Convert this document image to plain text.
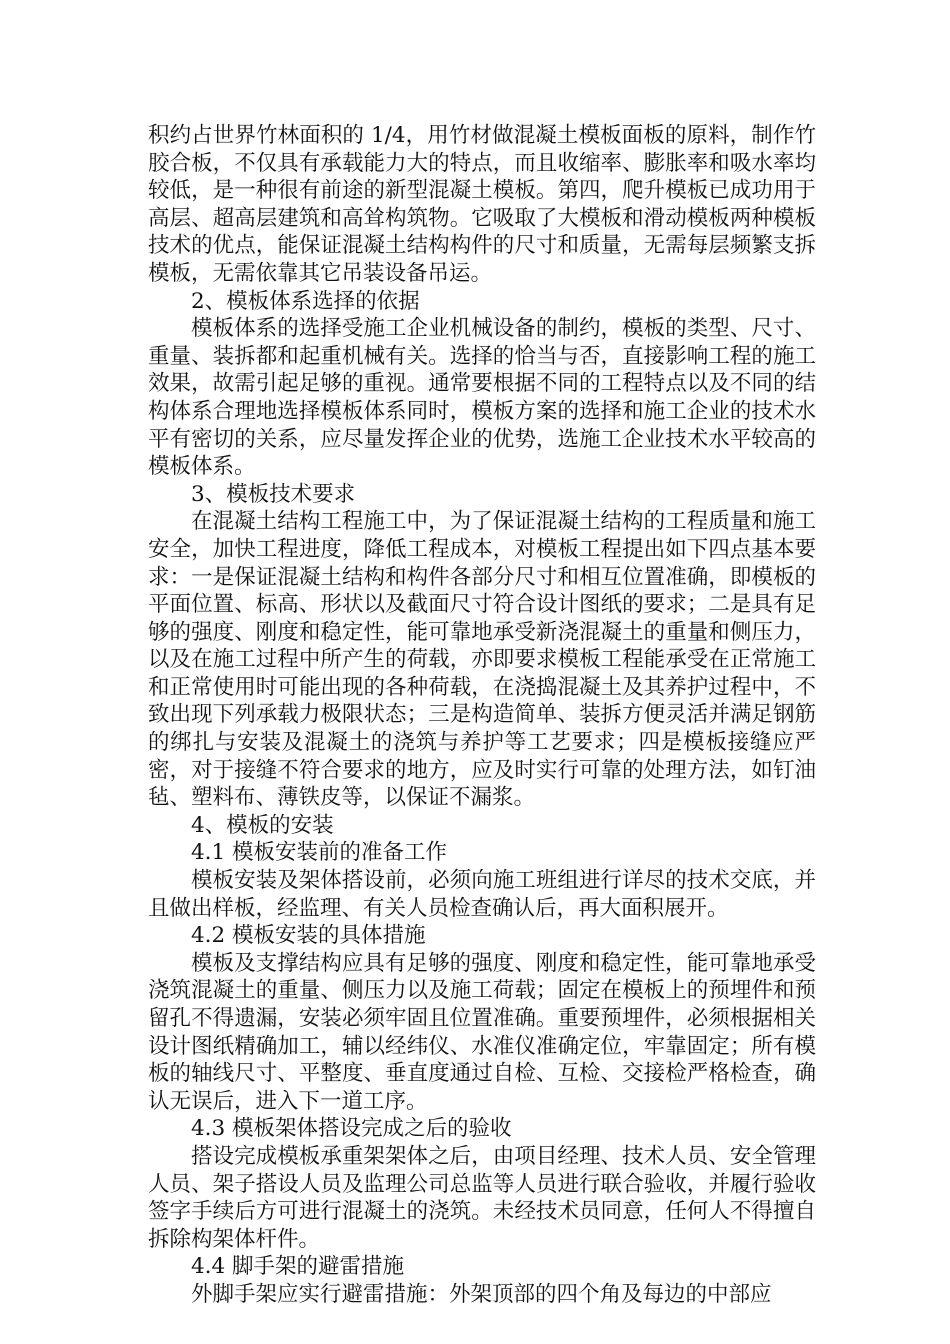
积约占世界竹林面积的 1/4，用竹材做混凝土模板面板的原料，制作竹胶合板，不仅具有承载能力大的特点，而且收缩率、膨胀率和吸水率均较低，是一种很有前途的新型混凝土模板。第四，爬升模板已成功用于高层、超高层建筑和高耸构筑物。它吸取了大模板和滑动模板两种模板技术的优点，能保证混凝土结构构件的尺寸和质量，无需每层频繁支拆模板，无需依靠其它吊装设备吊运。

2、模板体系选择的依据

模板体系的选择受施工企业机械设备的制约，模板的类型、尺寸、重量、装拆都和起重机械有关。选择的恰当与否，直接影响工程的施工效果，故需引起足够的重视。通常要根据不同的工程特点以及不同的结构体系合理地选择模板体系同时，模板方案的选择和施工企业的技术水平有密切的关系，应尽量发挥企业的优势，选施工企业技术水平较高的模板体系。

3、模板技术要求

在混凝土结构工程施工中，为了保证混凝土结构的工程质量和施工安全，加快工程进度，降低工程成本，对模板工程提出如下四点基本要求：一是保证混凝土结构和构件各部分尺寸和相互位置准确，即模板的平面位置、标高、形状以及截面尺寸符合设计图纸的要求；二是具有足够的强度、刚度和稳定性，能可靠地承受新浇混凝土的重量和侧压力，以及在施工过程中所产生的荷载，亦即要求模板工程能承受在正常施工和正常使用时可能出现的各种荷载，在浇捣混凝土及其养护过程中，不致出现下列承载力极限状态；三是构造简单、装拆方便灵活并满足钢筋的绑扎与安装及混凝土的浇筑与养护等工艺要求；四是模板接缝应严密，对于接缝不符合要求的地方，应及时实行可靠的处理方法，如钉油毡、塑料布、薄铁皮等，以保证不漏浆。

4、模板的安装

4.1 模板安装前的准备工作

模板安装及架体搭设前，必须向施工班组进行详尽的技术交底，并且做出样板，经监理、有关人员检查确认后，再大面积展开。

4.2 模板安装的具体措施

模板及支撑结构应具有足够的强度、刚度和稳定性，能可靠地承受浇筑混凝土的重量、侧压力以及施工荷载；固定在模板上的预埋件和预留孔不得遗漏，安装必须牢固且位置准确。重要预埋件，必须根据相关设计图纸精确加工，辅以经纬仪、水准仪准确定位，牢靠固定；所有模板的轴线尺寸、平整度、垂直度通过自检、互检、交接检严格检查，确认无误后，进入下一道工序。

4.3 模板架体搭设完成之后的验收

搭设完成模板承重架架体之后，由项目经理、技术人员、安全管理人员、架子搭设人员及监理公司总监等人员进行联合验收，并履行验收签字手续后方可进行混凝土的浇筑。未经技术员同意，任何人不得擅自拆除构架体杆件。

4.4 脚手架的避雷措施

外脚手架应实行避雷措施：外架顶部的四个角及每边的中部应
